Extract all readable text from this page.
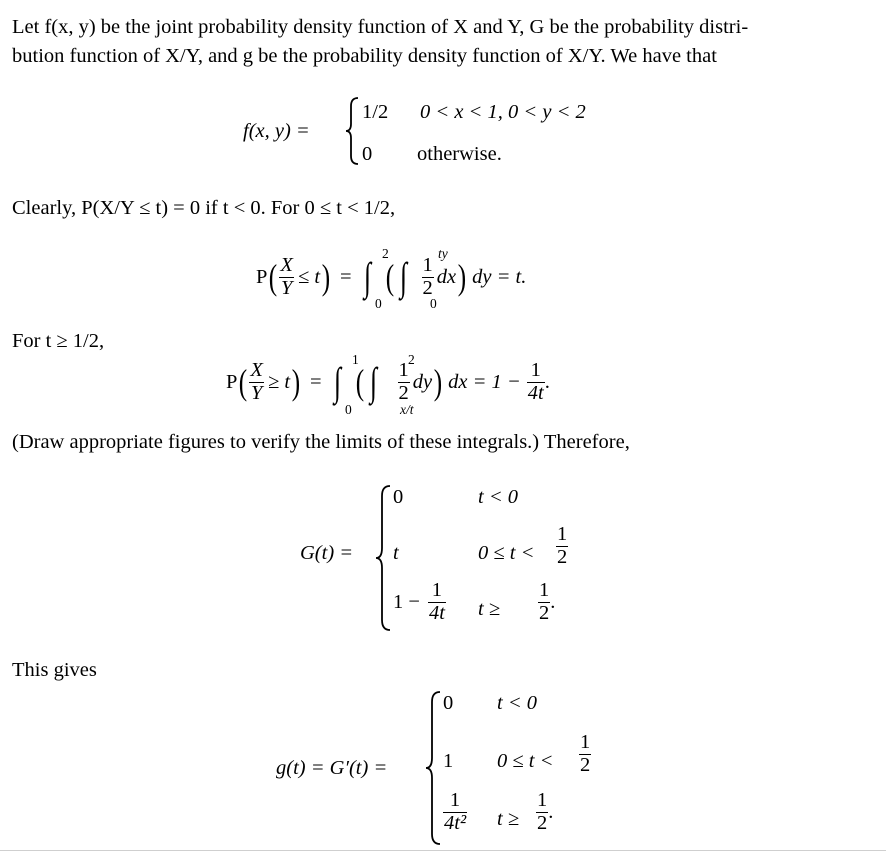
Let f(x, y) be the joint probability density function of X and Y, G be the probability distri-
bution function of X/Y, and g be the probability density function of X/Y. We have that
f(x, y) =
1/2 0 < x < 1, 0 < y < 2
0 otherwise.
Clearly, P(X/Y ≤ t) = 0 if t < 0. For 0 ≤ t < 1/2,
P ( $\frac{X}{Y} \le t$ ) = ∫ ( ∫ $\frac{1}{2}$ dx ) dy = t.
2
0
ty
0
For t ≥ 1/2,
P ( $\frac{X}{Y} \ge t$ ) = ∫ ( ∫ $\frac{1}{2}$ dy ) dx = $1 - \frac{1}{4t}$ .
1
0
2
x/t
(Draw appropriate figures to verify the limits of these integrals.) Therefore,
G(t) =
0	t < 0
t	$0 \le t < \frac{1}{2}$
$1 - \frac{1}{4t}$ $t \ge \frac{1}{2}$ .
This gives
g(t) = G′(t) =
0 t < 0
1 $0 \le t < \frac{1}{2}$
$\frac{1}{\text{4t²}}$ $t \ge \frac{1}{2}$ .
